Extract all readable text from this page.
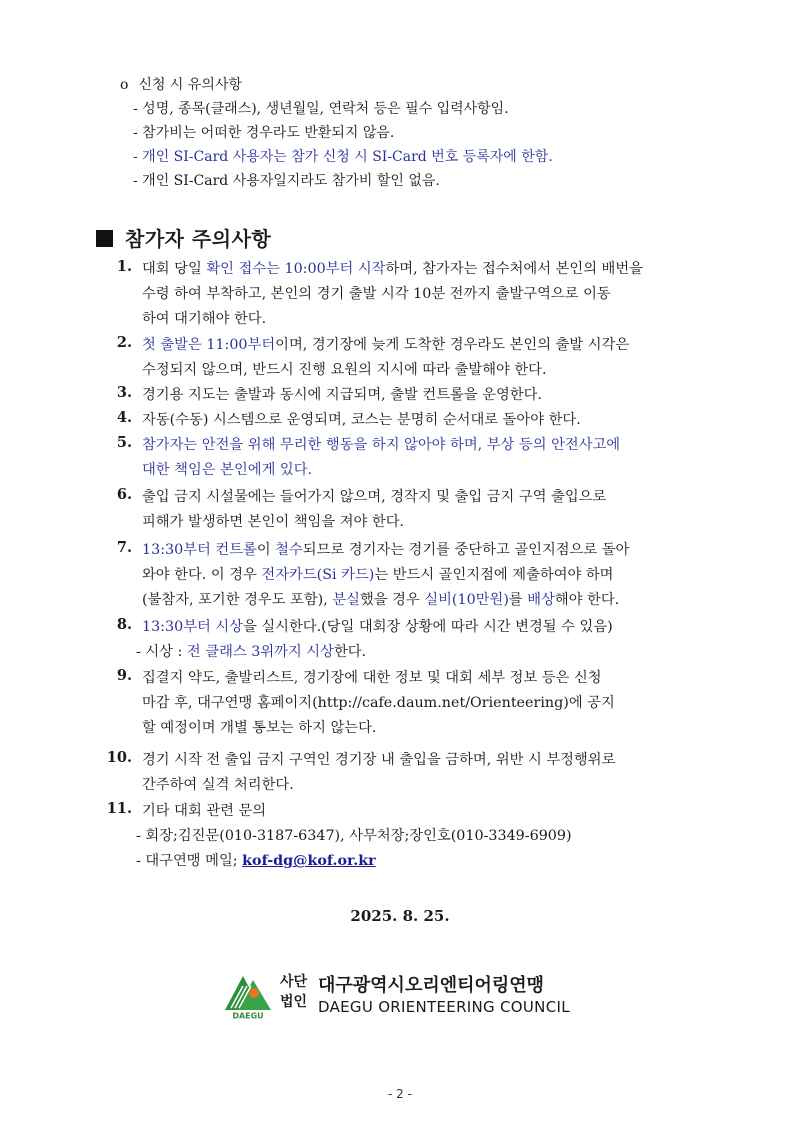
o 신청 시 유의사항
- 성명, 종목(클래스), 생년월일, 연락처 등은 필수 입력사항임.
- 참가비는 어떠한 경우라도 반환되지 않음.
- 개인 SI-Card 사용자는 참가 신청 시 SI-Card 번호 등록자에 한함.
- 개인 SI-Card 사용자일지라도 참가비 할인 없음.
참가자 주의사항
1. 대회 당일 확인 접수는 10:00부터 시작하며, 참가자는 접수처에서 본인의 배번을
수령 하여 부착하고, 본인의 경기 출발 시각 10분 전까지 출발구역으로 이동
하여 대기해야 한다.
2. 첫 출발은 11:00부터이며, 경기장에 늦게 도착한 경우라도 본인의 출발 시각은
수정되지 않으며, 반드시 진행 요원의 지시에 따라 출발해야 한다.
3. 경기용 지도는 출발과 동시에 지급되며, 출발 컨트롤을 운영한다.
4. 자동(수동) 시스템으로 운영되며, 코스는 분명히 순서대로 돌아야 한다.
5. 참가자는 안전을 위해 무리한 행동을 하지 않아야 하며, 부상 등의 안전사고에
대한 책임은 본인에게 있다.
6. 출입 금지 시설물에는 들어가지 않으며, 경작지 및 출입 금지 구역 출입으로
피해가 발생하면 본인이 책임을 져야 한다.
7. 13:30부터 컨트롤이 철수되므로 경기자는 경기를 중단하고 골인지점으로 돌아
와야 한다. 이 경우 전자카드(Si 카드)는 반드시 골인지점에 제출하여야 하며
(불참자, 포기한 경우도 포함), 분실했을 경우 실비(10만원)를 배상해야 한다.
8. 13:30부터 시상을 실시한다.(당일 대회장 상황에 따라 시간 변경될 수 있음)
- 시상 : 전 클래스 3위까지 시상한다.
9. 집결지 약도, 출발리스트, 경기장에 대한 정보 및 대회 세부 정보 등은 신청
마감 후, 대구연맹 홈페이지(http://cafe.daum.net/Orienteering)에 공지
할 예정이며 개별 통보는 하지 않는다.
10. 경기 시작 전 출입 금지 구역인 경기장 내 출입을 금하며, 위반 시 부정행위로
간주하여 실격 처리한다.
11. 기타 대회 관련 문의
- 회장;김진문(010-3187-6347), 사무처장;장인호(010-3349-6909)
- 대구연맹 메일; kof-dg@kof.or.kr
2025. 8. 25.
DAEGU
사단
법인
대구광역시오리엔티어링연맹
DAEGU ORIENTEERING COUNCIL
- 2 -
